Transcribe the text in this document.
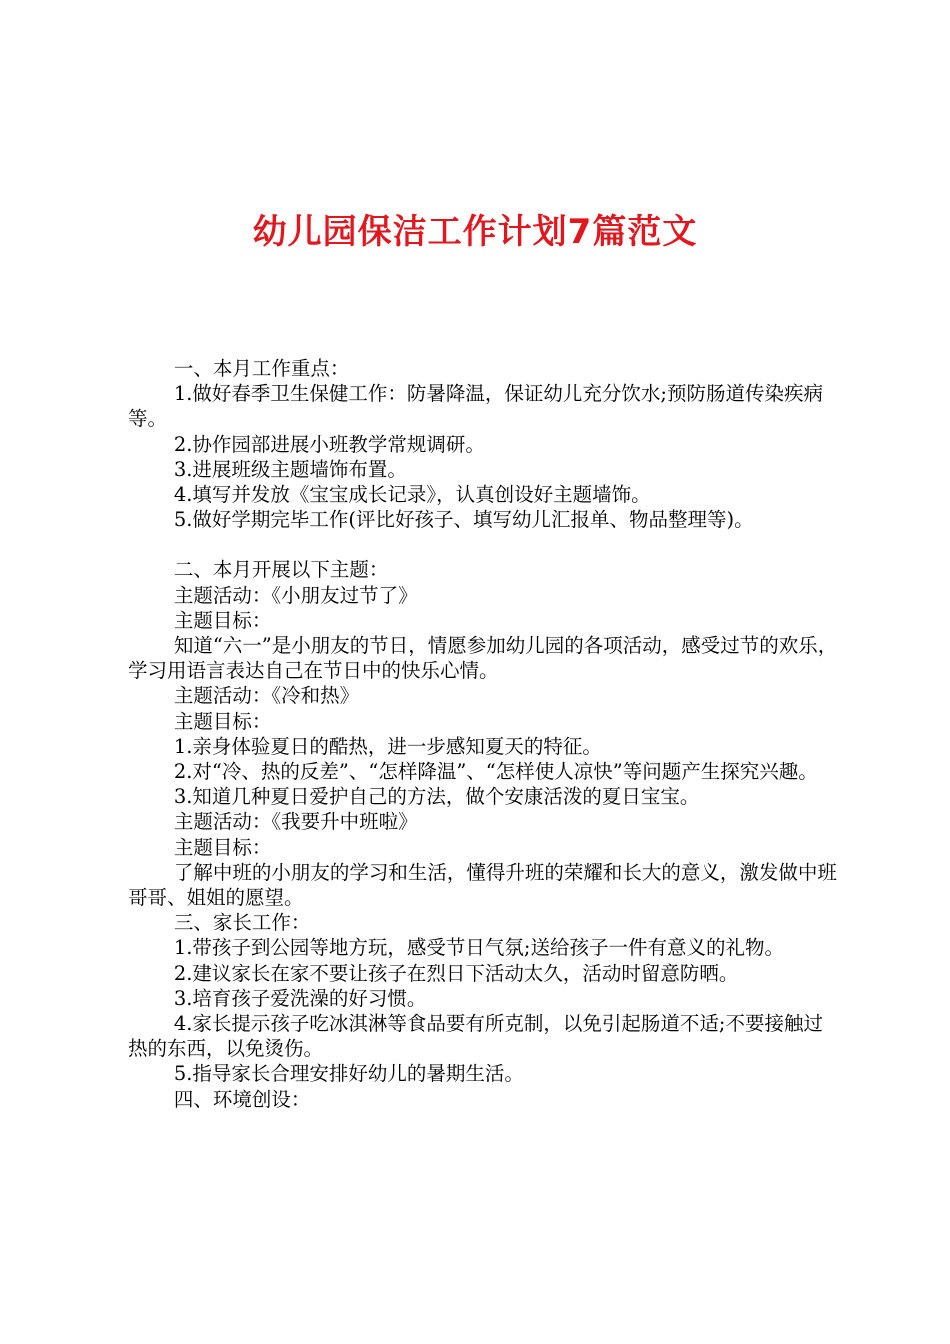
幼儿园保洁工作计划7篇范文

一、本月工作重点：

1.做好春季卫生保健工作：防暑降温，保证幼儿充分饮水;预防肠道传染疾病等。

2.协作园部进展小班教学常规调研。

3.进展班级主题墙饰布置。

4.填写并发放《宝宝成长记录》，认真创设好主题墙饰。

5.做好学期完毕工作(评比好孩子、填写幼儿汇报单、物品整理等)。

二、本月开展以下主题：

主题活动：《小朋友过节了》

主题目标：

知道“六一”是小朋友的节日，情愿参加幼儿园的各项活动，感受过节的欢乐，学习用语言表达自己在节日中的快乐心情。

主题活动：《冷和热》

主题目标：

1.亲身体验夏日的酷热，进一步感知夏天的特征。

2.对“冷、热的反差”、“怎样降温”、“怎样使人凉快”等问题产生探究兴趣。

3.知道几种夏日爱护自己的方法，做个安康活泼的夏日宝宝。

主题活动：《我要升中班啦》

主题目标：

了解中班的小朋友的学习和生活，懂得升班的荣耀和长大的意义，激发做中班哥哥、姐姐的愿望。

三、家长工作：

1.带孩子到公园等地方玩，感受节日气氛;送给孩子一件有意义的礼物。

2.建议家长在家不要让孩子在烈日下活动太久，活动时留意防晒。

3.培育孩子爱洗澡的好习惯。

4.家长提示孩子吃冰淇淋等食品要有所克制，以免引起肠道不适;不要接触过热的东西，以免烫伤。

5.指导家长合理安排好幼儿的暑期生活。

四、环境创设：
